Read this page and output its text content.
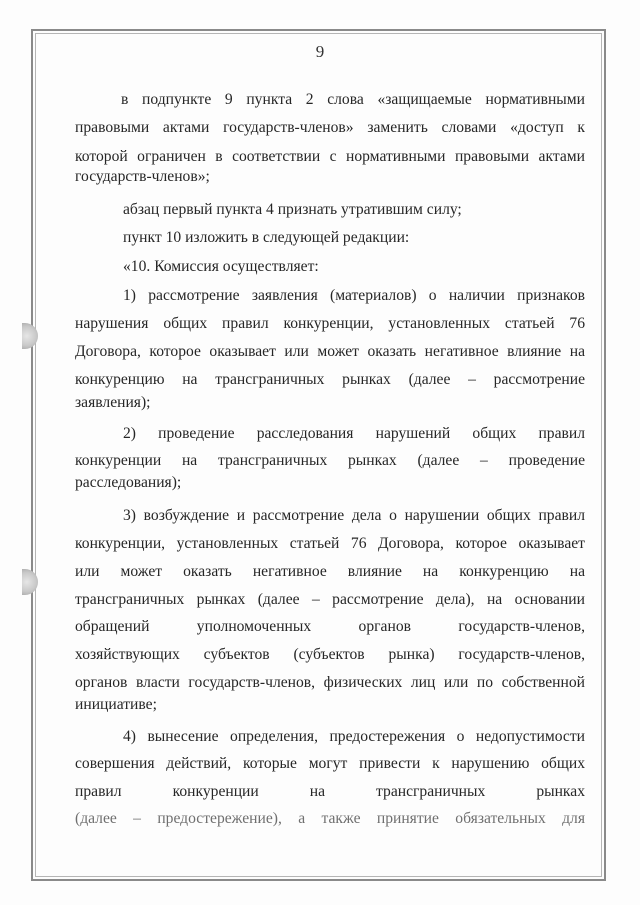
9
в подпункте 9 пункта 2 слова «защищаемые нормативными
правовыми актами государств-членов» заменить словами «доступ к
которой ограничен в соответствии с нормативными правовыми актами
государств-членов»;
абзац первый пункта 4 признать утратившим силу;
пункт 10 изложить в следующей редакции:
«10. Комиссия осуществляет:
1) рассмотрение заявления (материалов) о наличии признаков
нарушения общих правил конкуренции, установленных статьей 76
Договора, которое оказывает или может оказать негативное влияние на
конкуренцию на трансграничных рынках (далее – рассмотрение
заявления);
2) проведение расследования нарушений общих правил
конкуренции на трансграничных рынках (далее – проведение
расследования);
3) возбуждение и рассмотрение дела о нарушении общих правил
конкуренции, установленных статьей 76 Договора, которое оказывает
или может оказать негативное влияние на конкуренцию на
трансграничных рынках (далее – рассмотрение дела), на основании
обращений уполномоченных органов государств-членов,
хозяйствующих субъектов (субъектов рынка) государств-членов,
органов власти государств-членов, физических лиц или по собственной
инициативе;
4) вынесение определения, предостережения о недопустимости
совершения действий, которые могут привести к нарушению общих
правил конкуренции на трансграничных рынках
(далее – предостережение), а также принятие обязательных для
